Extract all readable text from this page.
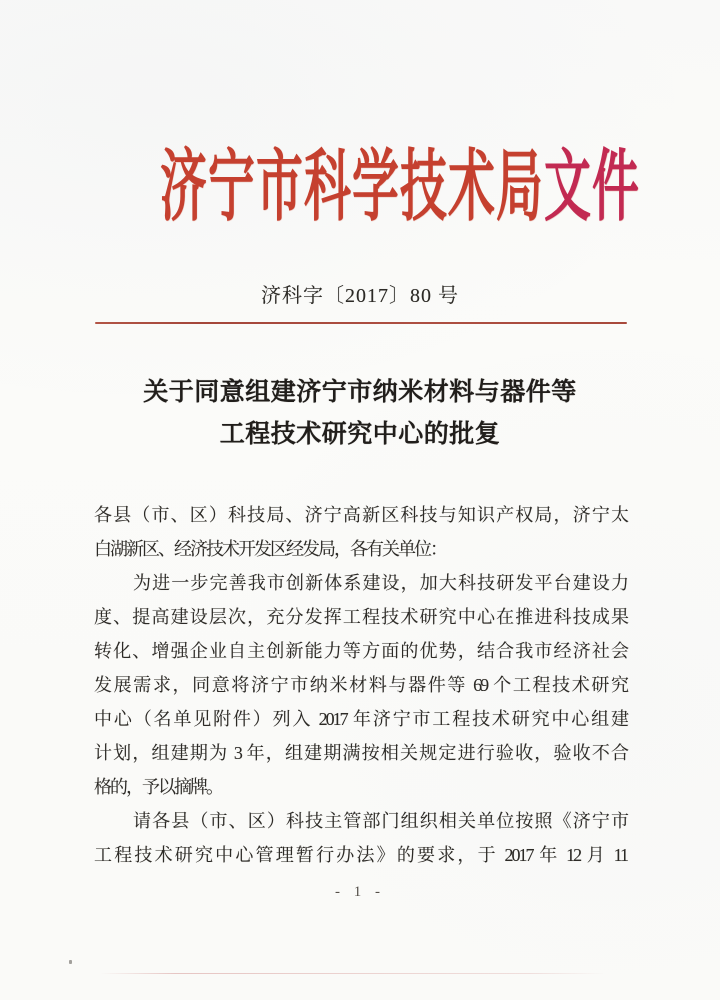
济宁市科学技术局文件
济科字〔2017〕80 号
关于同意组建济宁市纳米材料与器件等
工程技术研究中心的批复
各县（市、区）科技局、济宁高新区科技与知识产权局，济宁太
白湖新区、经济技术开发区经发局，各有关单位：
为进一步完善我市创新体系建设，加大科技研发平台建设力
度、提高建设层次，充分发挥工程技术研究中心在推进科技成果
转化、增强企业自主创新能力等方面的优势，结合我市经济社会
发展需求，同意将济宁市纳米材料与器件等 69 个工程技术研究
中心（名单见附件）列入 2017 年济宁市工程技术研究中心组建
计划，组建期为 3 年，组建期满按相关规定进行验收，验收不合
格的，予以摘牌。
请各县（市、区）科技主管部门组织相关单位按照《济宁市
工程技术研究中心管理暂行办法》的要求，于 2017 年 12 月 11
- 1 -
